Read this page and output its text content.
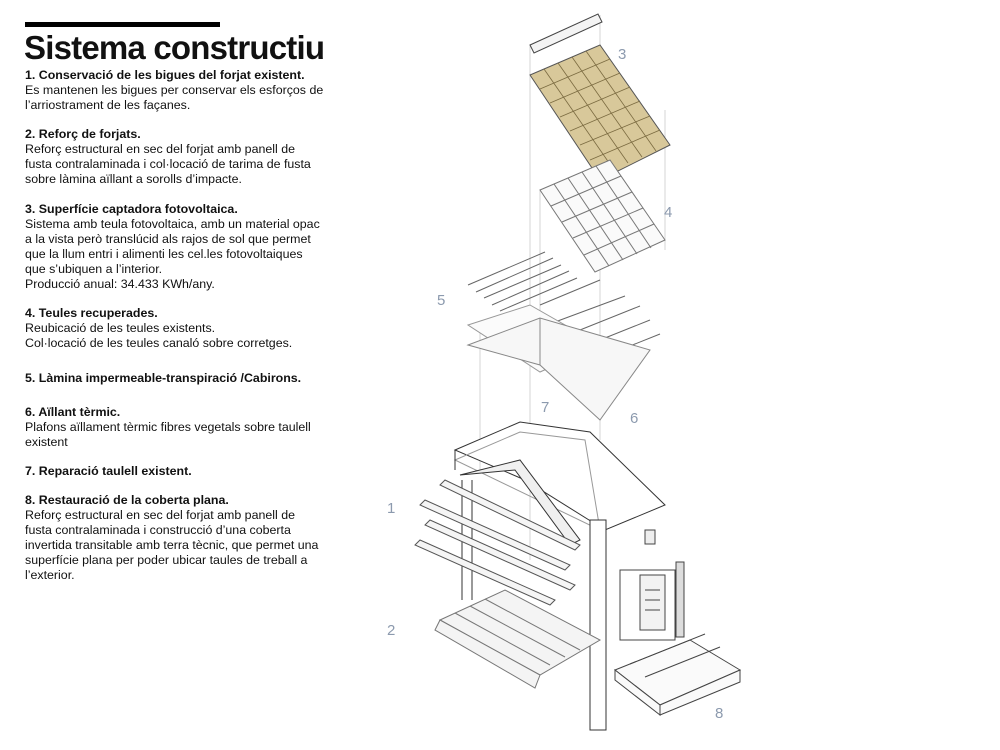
Sistema constructiu
1. Conservació de les bigues del forjat existent.
Es mantenen les bigues per conservar els esforços de
l’arriostrament de les façanes.
2. Reforç de forjats.
Reforç estructural en sec del forjat amb panell de
fusta contralaminada i col·locació de tarima de fusta
sobre làmina aïllant a sorolls d’impacte.
3. Superfície captadora fotovoltaica.
Sistema amb teula fotovoltaica, amb un material opac
a la vista però translúcid als rajos de sol que permet
que la llum entri i alimenti les cel.les fotovoltaiques
que s’ubiquen a l’interior.
Producció anual: 34.433 KWh/any.
4. Teules recuperades.
Reubicació de les teules existents.
Col·locació de les teules canaló sobre corretges.
5. Làmina impermeable-transpiració /Cabirons.
6. Aïllant tèrmic.
Plafons aïllament tèrmic fibres vegetals sobre taulell
existent
7. Reparació taulell existent.
8. Restauració de la coberta plana.
Reforç estructural en sec del forjat amb panell de
fusta contralaminada i construcció d’una coberta
invertida transitable amb terra tècnic, que permet una
superfície plana per poder ubicar taules de treball a
l’exterior.
3
4
5
7
6
1
2
8
